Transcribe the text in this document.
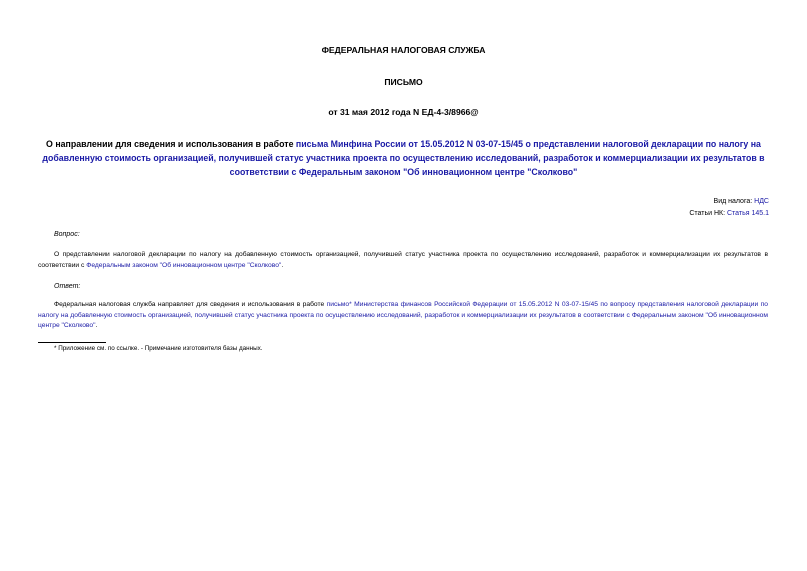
ФЕДЕРАЛЬНАЯ НАЛОГОВАЯ СЛУЖБА
ПИСЬМО
от 31 мая 2012 года N ЕД-4-3/8966@
О направлении для сведения и использования в работе письма Минфина России от 15.05.2012 N 03-07-15/45 о представлении налоговой декларации по налогу на добавленную стоимость организацией, получившей статус участника проекта по осуществлению исследований, разработок и коммерциализации их результатов в соответствии с Федеральным законом "Об инновационном центре "Сколково"
Вид налога: НДС
Статьи НК: Статья 145.1
Вопрос:
О представлении налоговой декларации по налогу на добавленную стоимость организацией, получившей статус участника проекта по осуществлению исследований, разработок и коммерциализации их результатов в соответствии с Федеральным законом "Об инновационном центре "Сколково".
Ответ:
Федеральная налоговая служба направляет для сведения и использования в работе письмо* Министерства финансов Российской Федерации от 15.05.2012 N 03-07-15/45 по вопросу представления налоговой декларации по налогу на добавленную стоимость организацией, получившей статус участника проекта по осуществлению исследований, разработок и коммерциализации их результатов в соответствии с Федеральным законом "Об инновационном центре "Сколково".
* Приложение см. по ссылке. - Примечание изготовителя базы данных.
